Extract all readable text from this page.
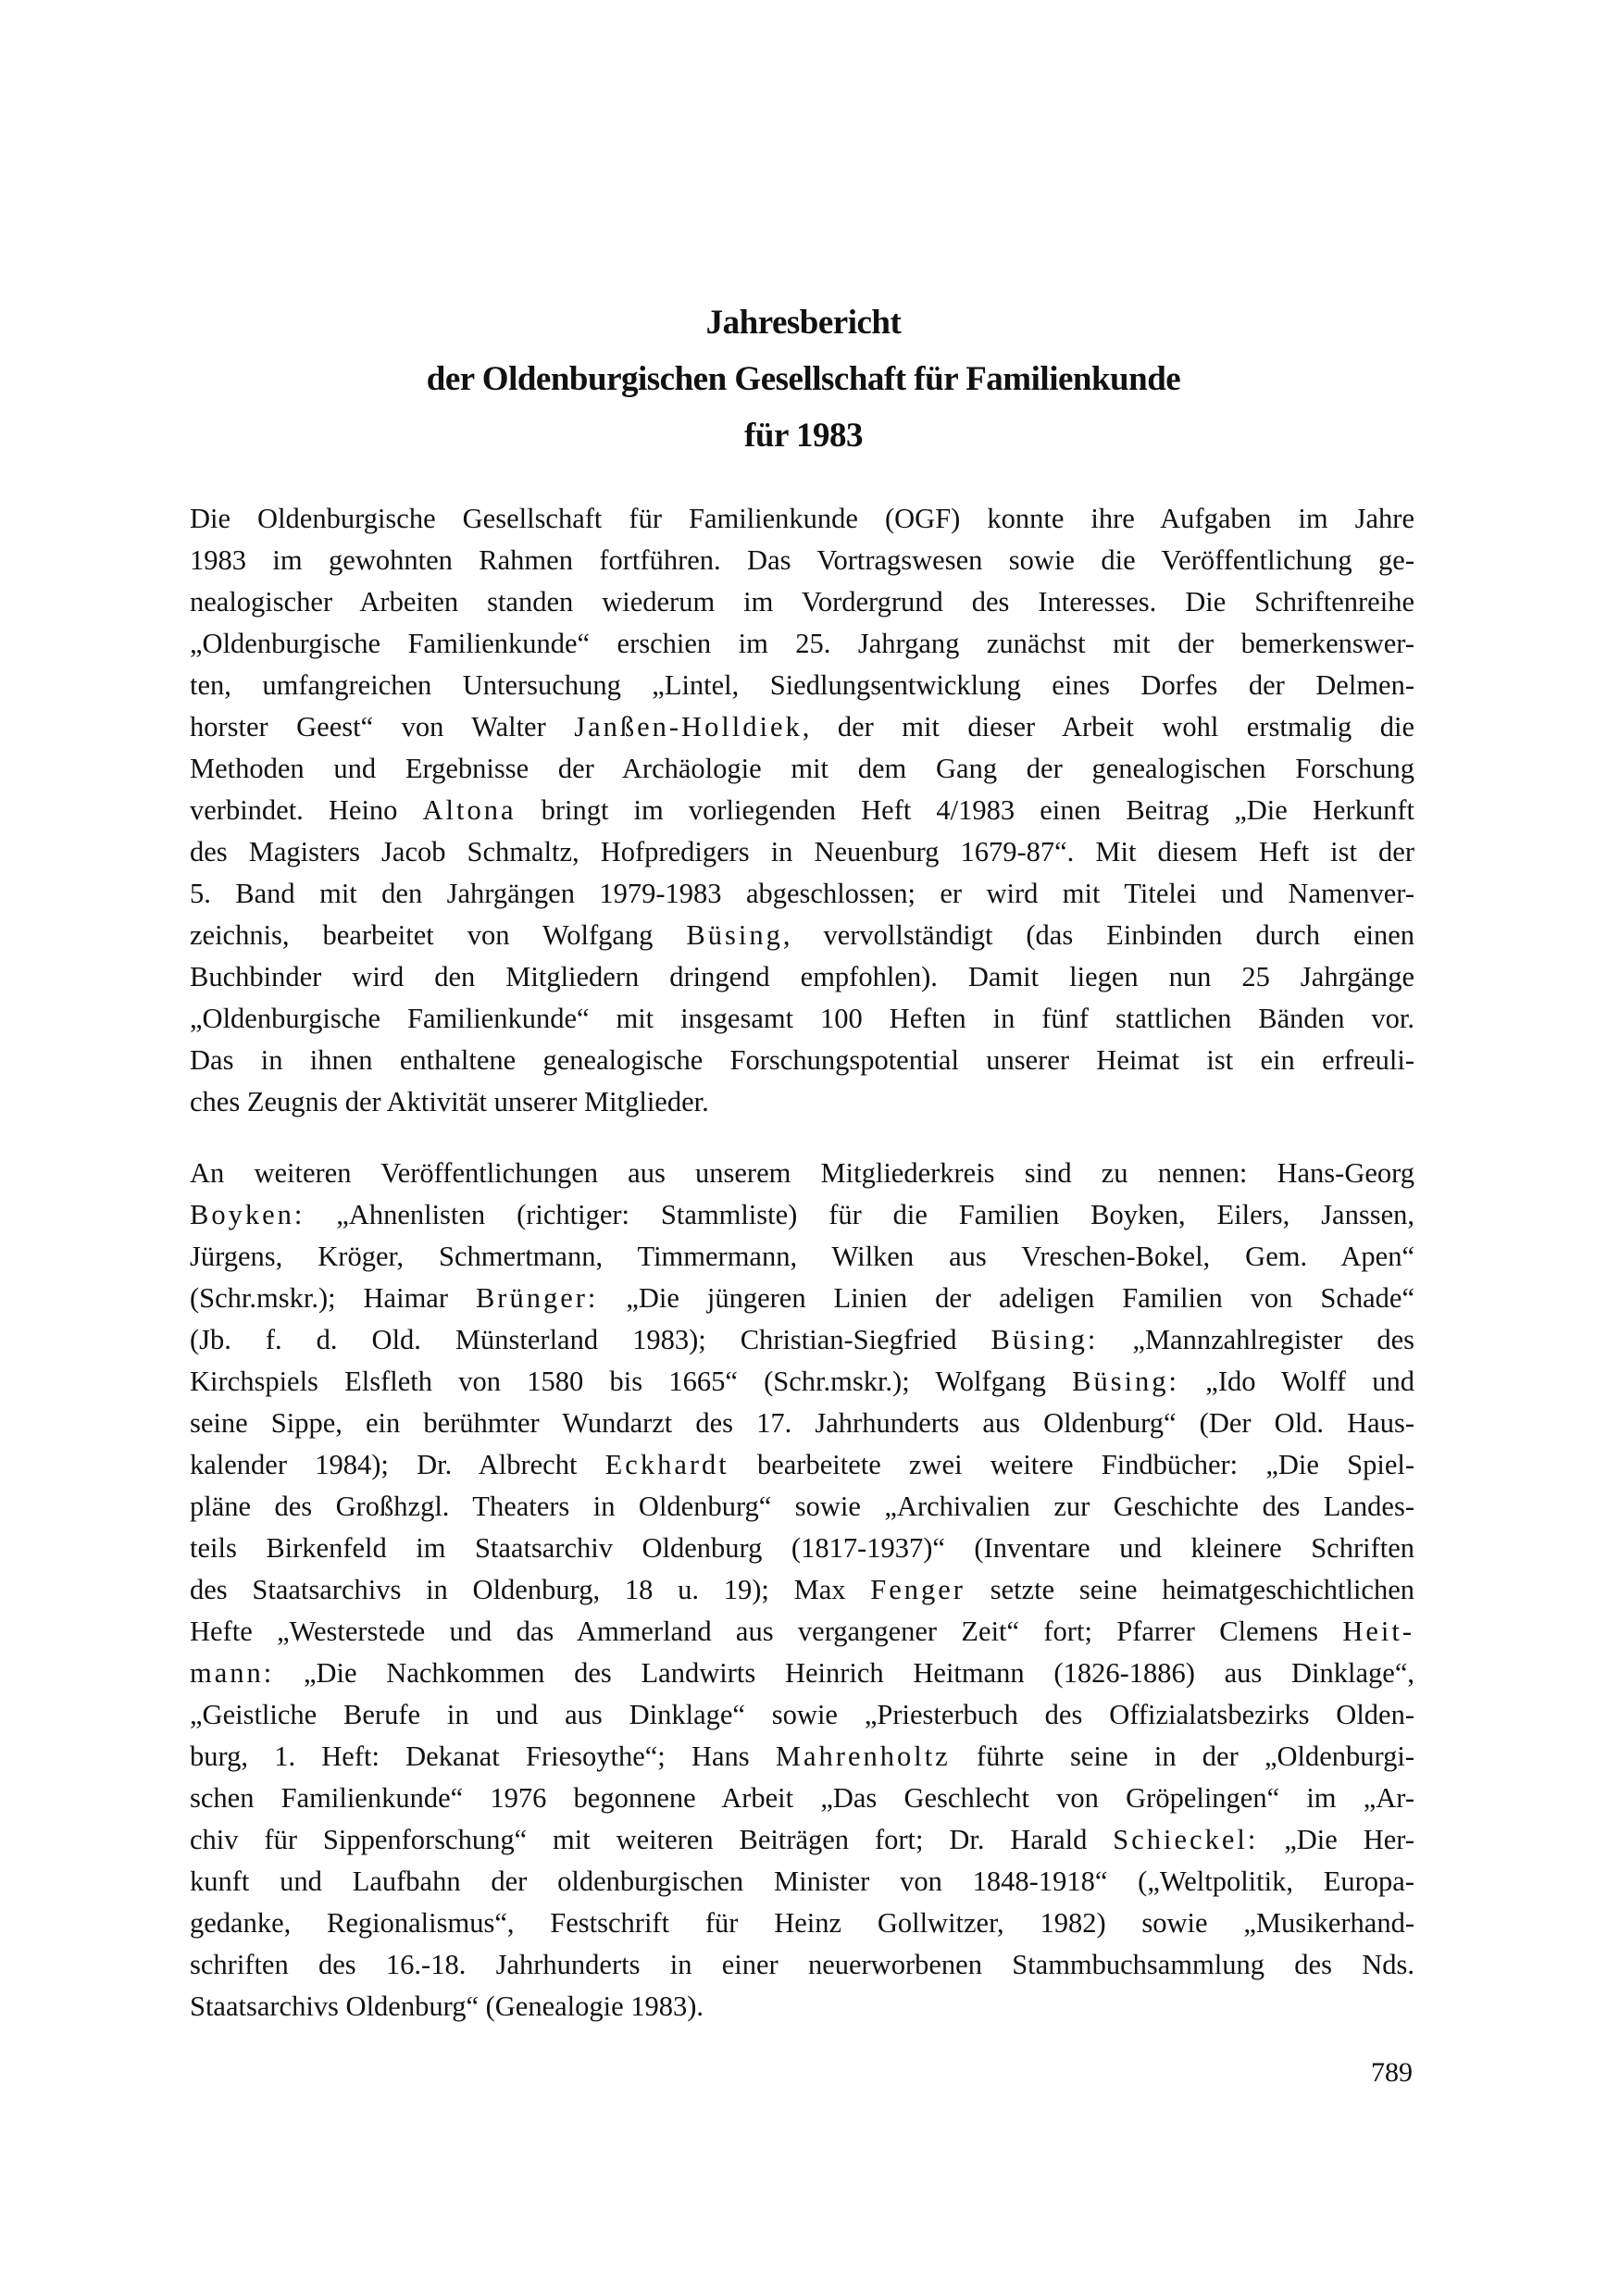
Jahresbericht
der Oldenburgischen Gesellschaft für Familienkunde
für 1983
Die Oldenburgische Gesellschaft für Familienkunde (OGF) konnte ihre Aufgaben im Jahre
1983 im gewohnten Rahmen fortführen. Das Vortragswesen sowie die Veröffentlichung ge-
nealogischer Arbeiten standen wiederum im Vordergrund des Interesses. Die Schriftenreihe
„Oldenburgische Familienkunde“ erschien im 25. Jahrgang zunächst mit der bemerkenswer-
ten, umfangreichen Untersuchung „Lintel, Siedlungsentwicklung eines Dorfes der Delmen-
horster Geest“ von Walter Janßen-Holldiek, der mit dieser Arbeit wohl erstmalig die
Methoden und Ergebnisse der Archäologie mit dem Gang der genealogischen Forschung
verbindet. Heino Altona bringt im vorliegenden Heft 4/1983 einen Beitrag „Die Herkunft
des Magisters Jacob Schmaltz, Hofpredigers in Neuenburg 1679-87“. Mit diesem Heft ist der
5. Band mit den Jahrgängen 1979-1983 abgeschlossen; er wird mit Titelei und Namenver-
zeichnis, bearbeitet von Wolfgang Büsing, vervollständigt (das Einbinden durch einen
Buchbinder wird den Mitgliedern dringend empfohlen). Damit liegen nun 25 Jahrgänge
„Oldenburgische Familienkunde“ mit insgesamt 100 Heften in fünf stattlichen Bänden vor.
Das in ihnen enthaltene genealogische Forschungspotential unserer Heimat ist ein erfreuli-
ches Zeugnis der Aktivität unserer Mitglieder.
An weiteren Veröffentlichungen aus unserem Mitgliederkreis sind zu nennen: Hans-Georg
Boyken: „Ahnenlisten (richtiger: Stammliste) für die Familien Boyken, Eilers, Janssen,
Jürgens, Kröger, Schmertmann, Timmermann, Wilken aus Vreschen-Bokel, Gem. Apen“
(Schr.mskr.); Haimar Brünger: „Die jüngeren Linien der adeligen Familien von Schade“
(Jb. f. d. Old. Münsterland 1983); Christian-Siegfried Büsing: „Mannzahlregister des
Kirchspiels Elsfleth von 1580 bis 1665“ (Schr.mskr.); Wolfgang Büsing: „Ido Wolff und
seine Sippe, ein berühmter Wundarzt des 17. Jahrhunderts aus Oldenburg“ (Der Old. Haus-
kalender 1984); Dr. Albrecht Eckhardt bearbeitete zwei weitere Findbücher: „Die Spiel-
pläne des Großhzgl. Theaters in Oldenburg“ sowie „Archivalien zur Geschichte des Landes-
teils Birkenfeld im Staatsarchiv Oldenburg (1817-1937)“ (Inventare und kleinere Schriften
des Staatsarchivs in Oldenburg, 18 u. 19); Max Fenger setzte seine heimatgeschichtlichen
Hefte „Westerstede und das Ammerland aus vergangener Zeit“ fort; Pfarrer Clemens Heit-
mann: „Die Nachkommen des Landwirts Heinrich Heitmann (1826-1886) aus Dinklage“,
„Geistliche Berufe in und aus Dinklage“ sowie „Priesterbuch des Offizialatsbezirks Olden-
burg, 1. Heft: Dekanat Friesoythe“; Hans Mahrenholtz führte seine in der „Oldenburgi-
schen Familienkunde“ 1976 begonnene Arbeit „Das Geschlecht von Gröpelingen“ im „Ar-
chiv für Sippenforschung“ mit weiteren Beiträgen fort; Dr. Harald Schieckel: „Die Her-
kunft und Laufbahn der oldenburgischen Minister von 1848-1918“ („Weltpolitik, Europa-
gedanke, Regionalismus“, Festschrift für Heinz Gollwitzer, 1982) sowie „Musikerhand-
schriften des 16.-18. Jahrhunderts in einer neuerworbenen Stammbuchsammlung des Nds.
Staatsarchivs Oldenburg“ (Genealogie 1983).
789
